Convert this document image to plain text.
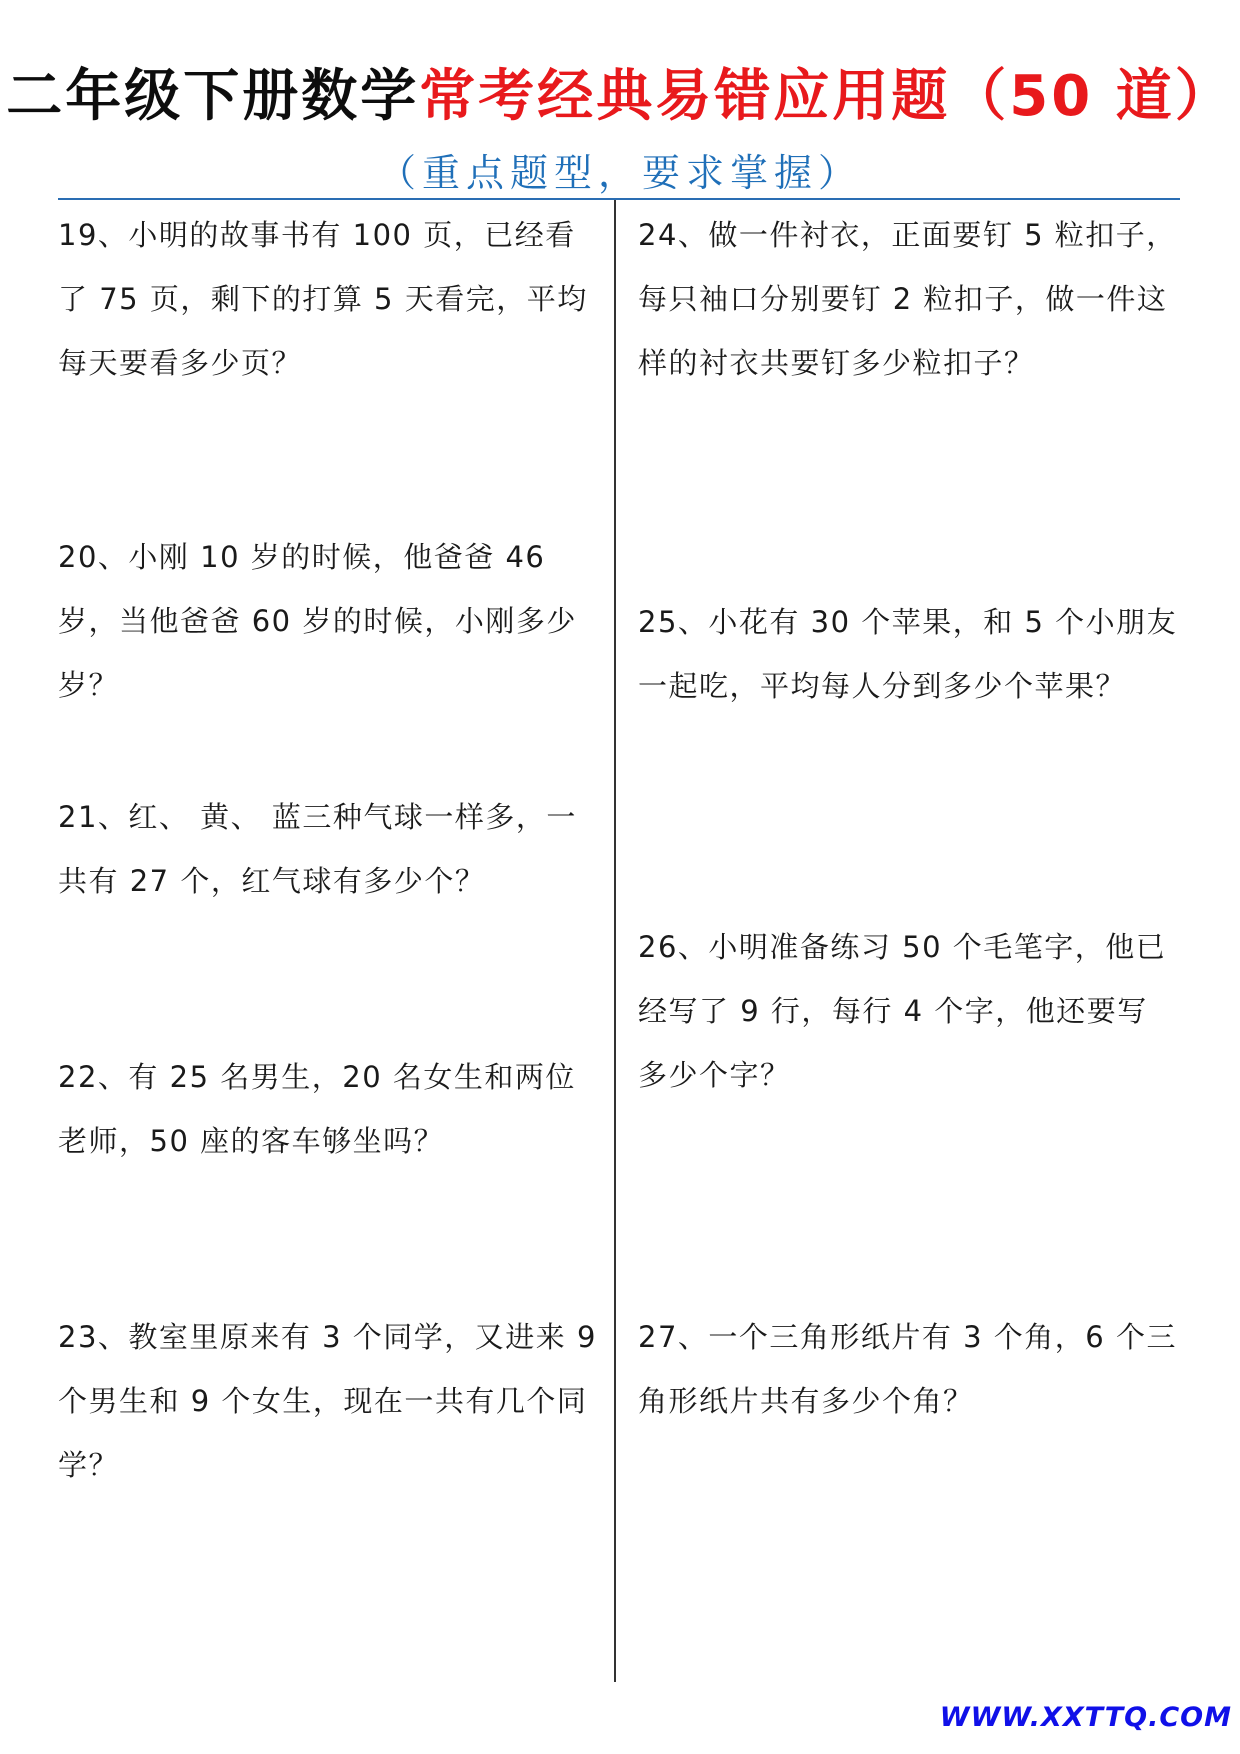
二年级下册数学常考经典易错应用题（50 道）
（重点题型，要求掌握）
19、小明的故事书有 100 页，已经看了 75 页，剩下的打算 5 天看完，平均每天要看多少页？
20、小刚 10 岁的时候，他爸爸 46 岁，当他爸爸 60 岁的时候，小刚多少岁？
21、红、 黄、 蓝三种气球一样多，一共有 27 个，红气球有多少个？
22、有 25 名男生，20 名女生和两位老师，50 座的客车够坐吗？
23、教室里原来有 3 个同学，又进来 9 个男生和 9 个女生，现在一共有几个同学？
24、做一件衬衣，正面要钉 5 粒扣子，每只袖口分别要钉 2 粒扣子，做一件这样的衬衣共要钉多少粒扣子？
25、小花有 30 个苹果，和 5 个小朋友一起吃，平均每人分到多少个苹果？
26、小明准备练习 50 个毛笔字，他已经写了 9 行，每行 4 个字，他还要写多少个字？
27、一个三角形纸片有 3 个角，6 个三角形纸片共有多少个角？
WWW.XXTTQ.COM
